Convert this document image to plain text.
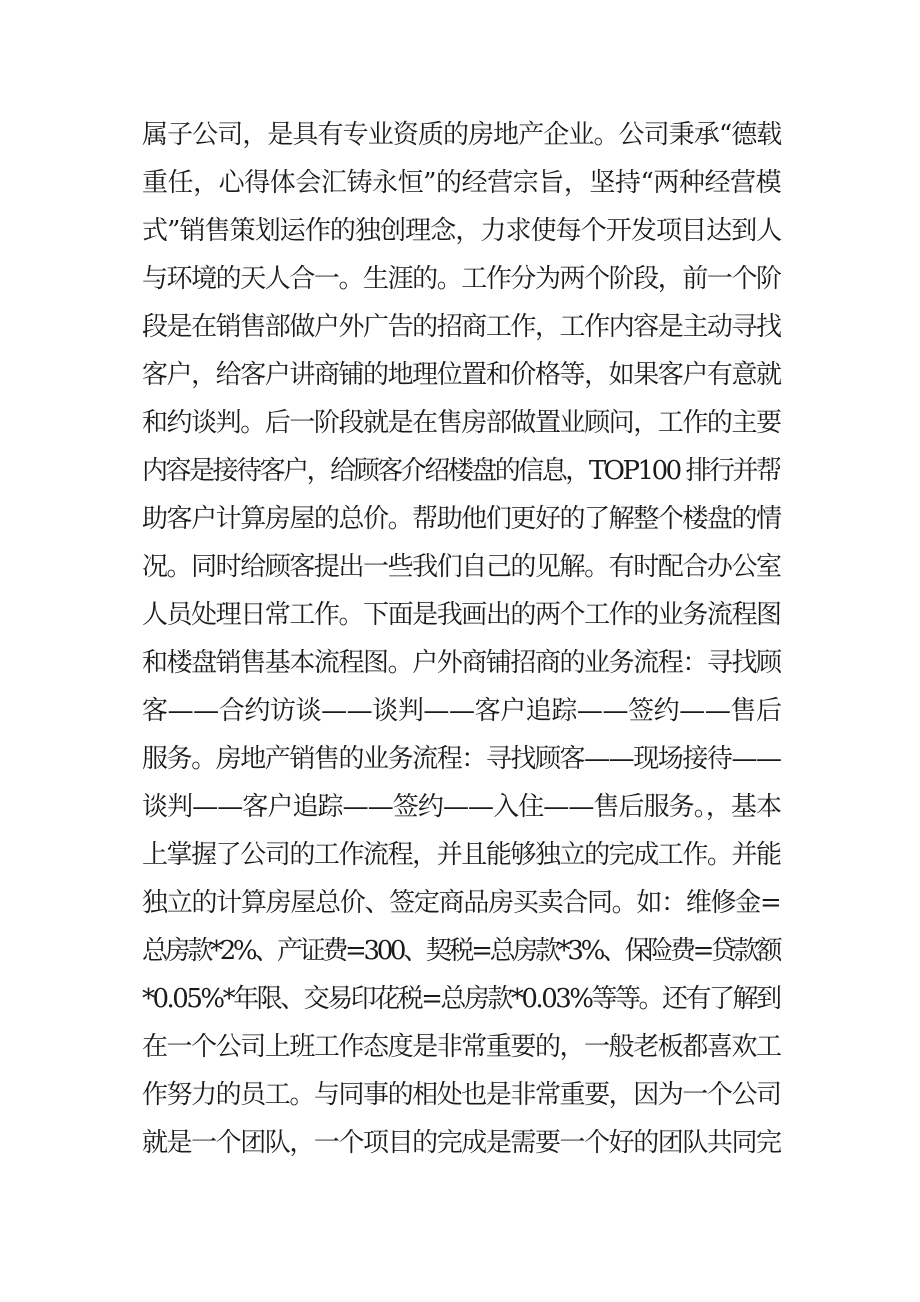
属子公司，是具有专业资质的房地产企业。公司秉承“德载

重任，心得体会汇铸永恒”的经营宗旨，坚持“两种经营模

式”销售策划运作的独创理念，力求使每个开发项目达到人

与环境的天人合一。生涯的。工作分为两个阶段，前一个阶

段是在销售部做户外广告的招商工作，工作内容是主动寻找

客户，给客户讲商铺的地理位置和价格等，如果客户有意就

和约谈判。后一阶段就是在售房部做置业顾问，工作的主要

内容是接待客户，给顾客介绍楼盘的信息，TOP100 排行并帮

助客户计算房屋的总价。帮助他们更好的了解整个楼盘的情

况。同时给顾客提出一些我们自己的见解。有时配合办公室

人员处理日常工作。下面是我画出的两个工作的业务流程图

和楼盘销售基本流程图。户外商铺招商的业务流程：寻找顾

客——合约访谈——谈判——客户追踪——签约——售后

服务。房地产销售的业务流程：寻找顾客——现场接待——

谈判——客户追踪——签约——入住——售后服务。，基本

上掌握了公司的工作流程，并且能够独立的完成工作。并能

独立的计算房屋总价、签定商品房买卖合同。如：维修金=

总房款*2%、产证费=300、契税=总房款*3%、保险费=贷款额

*0.05%*年限、交易印花税=总房款*0.03%等等。还有了解到

在一个公司上班工作态度是非常重要的，一般老板都喜欢工

作努力的员工。与同事的相处也是非常重要，因为一个公司

就是一个团队，一个项目的完成是需要一个好的团队共同完
